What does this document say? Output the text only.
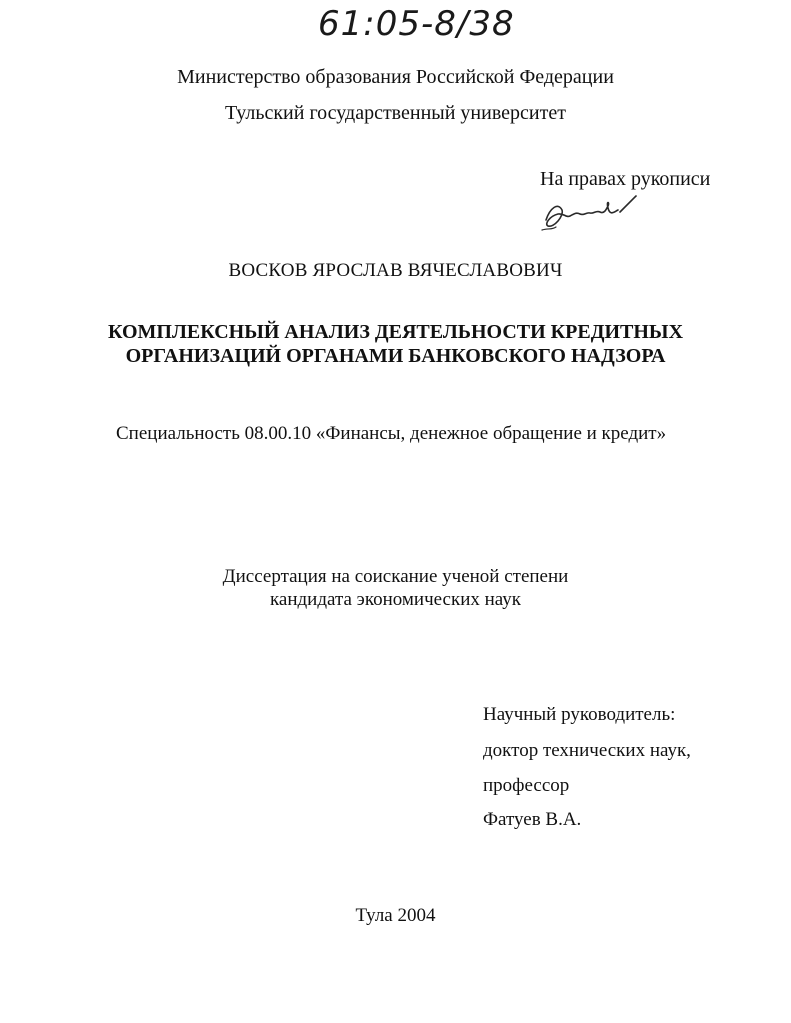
61:05-8/38
Министерство образования Российской Федерации
Тульский государственный университет
На правах рукописи
ВОСКОВ ЯРОСЛАВ ВЯЧЕСЛАВОВИЧ
КОМПЛЕКСНЫЙ АНАЛИЗ ДЕЯТЕЛЬНОСТИ КРЕДИТНЫХ
ОРГАНИЗАЦИЙ ОРГАНАМИ БАНКОВСКОГО НАДЗОРА
Специальность 08.00.10 «Финансы, денежное обращение и кредит»
Диссертация на соискание ученой степени
кандидата экономических наук
Научный руководитель:
доктор технических наук,
профессор
Фатуев В.А.
Тула 2004
